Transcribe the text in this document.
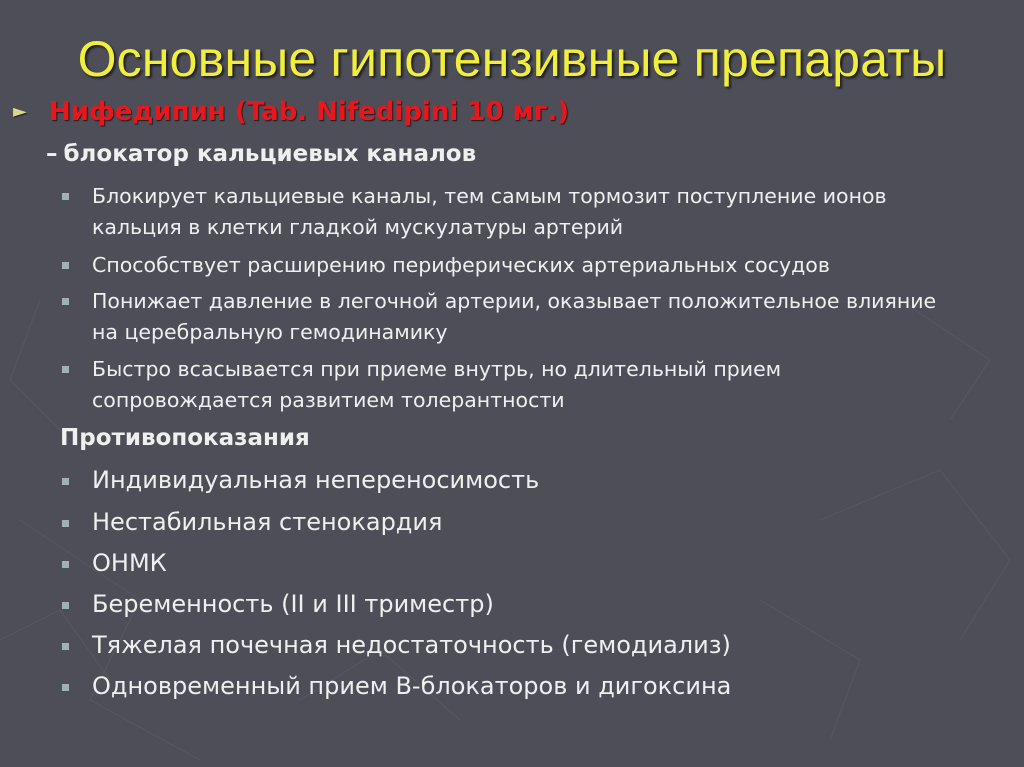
Основные гипотензивные препараты
► Нифедипин (Tab. Nifedipini 10 мг.)
– блокатор кальциевых каналов
Блокирует кальциевые каналы, тем самым тормозит поступление ионов
кальция в клетки гладкой мускулатуры артерий
Способствует расширению периферических артериальных сосудов
Понижает давление в легочной артерии, оказывает положительное влияние
на церебральную гемодинамику
Быстро всасывается при приеме внутрь, но длительный прием
сопровождается развитием толерантности
Противопоказания
Индивидуальная непереносимость
Нестабильная стенокардия
ОНМК
Беременность (II и III триместр)
Тяжелая почечная недостаточность (гемодиализ)
Одновременный прием B-блокаторов и дигоксина
